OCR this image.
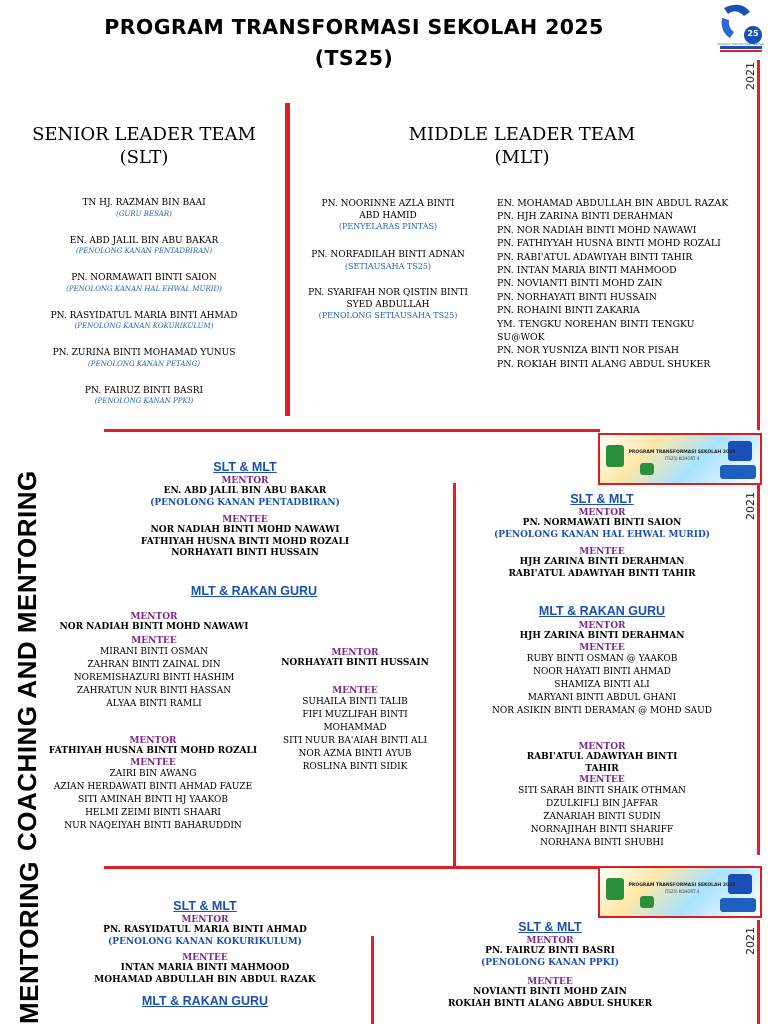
PROGRAM TRANSFORMASI SEKOLAH 2025
(TS25)
25
Program Transformasi Sekolah 2025
2021
SENIOR LEADER TEAM
(SLT)
TN HJ. RAZMAN BIN BAAI
(GURU BESAR)
EN. ABD JALIL BIN ABU BAKAR
(PENOLONG KANAN PENTADBIRAN)
PN. NORMAWATI BINTI SAION
(PENOLONG KANAN HAL EHWAL MURID)
PN. RASYIDATUL MARIA BINTI AHMAD
(PENOLONG KANAN KOKURIKULUM)
PN. ZURINA BINTI MOHAMAD YUNUS
(PENOLONG KANAN PETANG)
PN. FAIRUZ BINTI BASRI
(PENOLONG KANAN PPKI)
MIDDLE LEADER TEAM
(MLT)
PN. NOORINNE AZLA BINTI
ABD HAMID
(PENYELARAS PINTAS)
PN. NORFADILAH BINTI ADNAN
(SETIAUSAHA TS25)
PN. SYARIFAH NOR QISTIN BINTI
SYED ABDULLAH
(PENOLONG SETIAUSAHA TS25)
EN. MOHAMAD ABDULLAH BIN ABDUL RAZAK
PN. HJH ZARINA BINTI DERAHMAN
PN. NOR NADIAH BINTI MOHD NAWAWI
PN. FATHIYYAH HUSNA BINTI MOHD ROZALI
PN. RABI'ATUL ADAWIYAH BINTI TAHIR
PN. INTAN MARIA BINTI MAHMOOD
PN. NOVIANTI BINTI MOHD ZAIN
PN. NORHAYATI BINTI HUSSAIN
PN. ROHAINI BINTI ZAKARIA
YM. TENGKU NOREHAN BINTI TENGKU
SU@WOK
PN. NOR YUSNIZA BINTI NOR PISAH
PN. ROKIAH BINTI ALANG ABDUL SHUKER
PROGRAM TRANSFORMASI SEKOLAH 2025
ITS25) KOHORT 4
2021
COACHING AND MENTORING
SLT & MLT
MENTOR
EN. ABD JALIL BIN ABU BAKAR
(PENOLONG KANAN PENTADBIRAN)
MENTEE
NOR NADIAH BINTI MOHD NAWAWI
FATHIYAH HUSNA BINTI MOHD ROZALI
NORHAYATI BINTI HUSSAIN
MLT & RAKAN GURU
MENTOR
NOR NADIAH BINTI MOHD NAWAWI
MENTEE
MIRANI BINTI OSMAN
ZAHRAN BINTI ZAINAL DIN
NOREMISHAZURI BINTI HASHIM
ZAHRATUN NUR BINTI HASSAN
ALYAA BINTI RAMLI
MENTOR
NORHAYATI BINTI HUSSAIN
MENTEE
SUHAILA BINTI TALIB
FIFI MUZLIFAH BINTI
MOHAMMAD
SITI NUUR BA'AIAH BINTI ALI
NOR AZMA BINTI AYUB
ROSLINA BINTI SIDIK
MENTOR
FATHIYAH HUSNA BINTI MOHD ROZALI
MENTEE
ZAIRI BIN AWANG
AZIAN HERDAWATI BINTI AHMAD FAUZE
SITI AMINAH BINTI HJ YAAKOB
HELMI ZEIMI BINTI SHAARI
NUR NAQEIYAH BINTI BAHARUDDIN
SLT & MLT
MENTOR
PN. NORMAWATI BINTI SAION
(PENOLONG KANAN HAL EHWAL MURID)
MENTEE
HJH ZARINA BINTI DERAHMAN
RABI'ATUL ADAWIYAH BINTI TAHIR
MLT & RAKAN GURU
MENTOR
HJH ZARINA BINTI DERAHMAN
MENTEE
RUBY BINTI OSMAN @ YAAKOB
NOOR HAYATI BINTI AHMAD
SHAMIZA BINTI ALI
MARYANI BINTI ABDUL GHANI
NOR ASIKIN BINTI DERAMAN @ MOHD SAUD
MENTOR
RABI'ATUL ADAWIYAH BINTI
TAHIR
MENTEE
SITI SARAH BINTI SHAIK OTHMAN
DZULKIFLI BIN JAFFAR
ZANARIAH BINTI SUDIN
NORNAJIHAH BINTI SHARIFF
NORHANA BINTI SHUBHI
PROGRAM TRANSFORMASI SEKOLAH 2025
ITS25) KOHORT 4
2021
MENTORING	SLT & MLT
MENTOR
PN. RASYIDATUL MARIA BINTI AHMAD
(PENOLONG KANAN KOKURIKULUM)
MENTEE
INTAN MARIA BINTI MAHMOOD
MOHAMAD ABDULLAH BIN ABDUL RAZAK
MLT & RAKAN GURU
SLT & MLT
MENTOR
PN. FAIRUZ BINTI BASRI
(PENOLONG KANAN PPKI)
MENTEE
NOVIANTI BINTI MOHD ZAIN
ROKIAH BINTI ALANG ABDUL SHUKER
